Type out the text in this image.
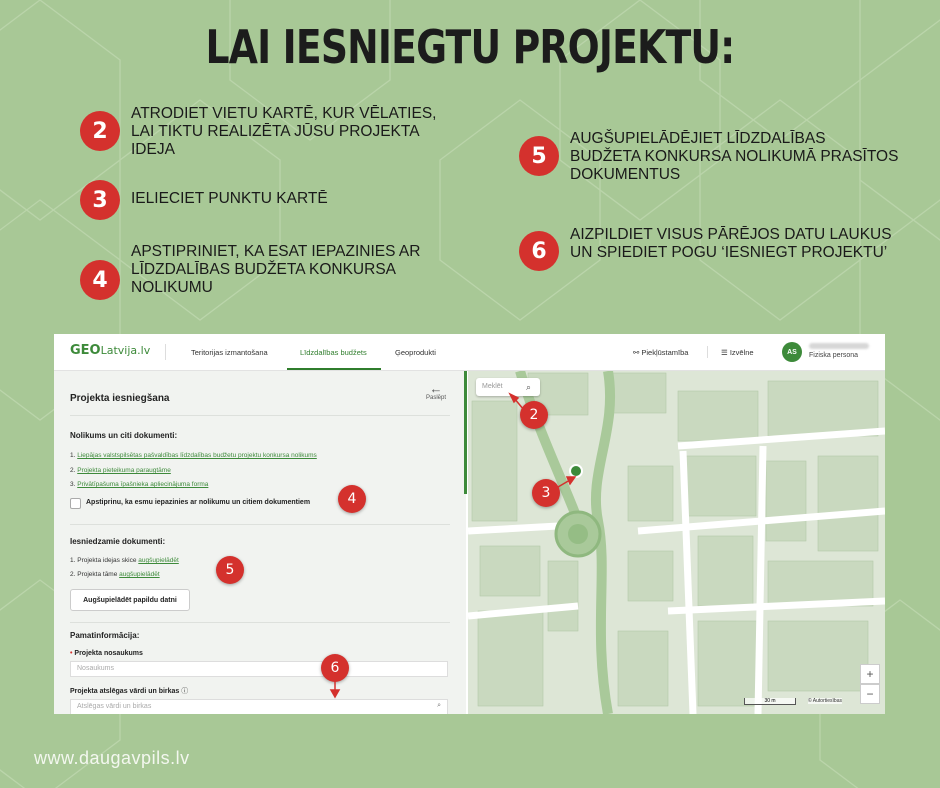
LAI IESNIEGTU PROJEKTU:
2
ATRODIET VIETU KARTĒ, KUR VĒLATIES, LAI TIKTU REALIZĒTA JŪSU PROJEKTA IDEJA
3	IELIECIET PUNKTU KARTĒ
4
APSTIPRINIET, KA ESAT IEPAZINIES AR LĪDZDALĪBAS BUDŽETA KONKURSA NOLIKUMU
5
AUGŠUPIELĀDĒJIET LĪDZDALĪBAS BUDŽETA KONKURSA NOLIKUMĀ PRASĪTOS DOKUMENTUS
6
AIZPILDIET VISUS PĀRĒJOS DATU LAUKUS UN SPIEDIET POGU ‘IESNIEGT PROJEKTU’
GEOLatvija.lv	Teritorijas izmantošana	Līdzdalības budžets	Ģeoprodukti	⚯ Piekļūstamība	☰ Izvēlne	AS	Fiziska persona
Projekta iesniegšana
←
Paslēpt
Nolikums un citi dokumenti:
1. Liepājas valstspilsētas pašvaldības līdzdalības budžetu projektu konkursa nolikums
2. Projekta pieteikuma paraugtāme
3. Privātīpašuma īpašnieka apliecinājuma forma
Apstiprinu, ka esmu iepazinies ar nolikumu un citiem dokumentiem
Iesniedzamie dokumenti:
1. Projekta idejas skice augšupielādēt
2. Projekta tāme augšupielādēt
Augšupielādēt papildu datni
Pamatinformācija:
• Projekta nosaukums
Nosaukums
Projekta atslēgas vārdi un birkas ⓘ
Atslēgas vārdi un birkas	⌕
Meklēt	⌕
+
−
30 m	© Autortiesības
2
3
4
5
6
www.daugavpils.lv
